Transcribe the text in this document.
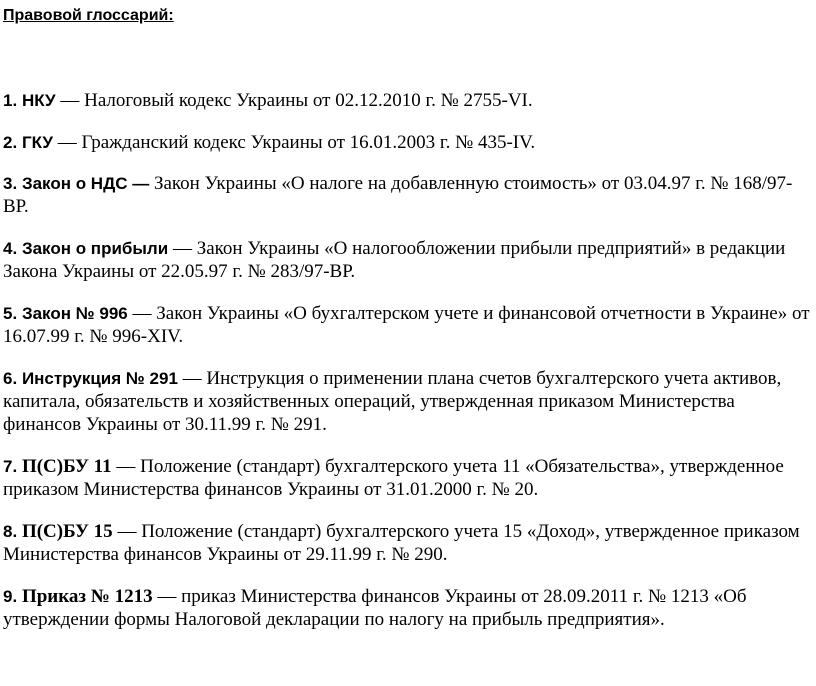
Правовой глоссарий:
1. НКУ — Налоговый кодекс Украины от 02.12.2010 г. № 2755-VI.
2. ГКУ — Гражданский кодекс Украины от 16.01.2003 г. № 435-IV.
3. Закон о НДС — Закон Украины «О налоге на добавленную стоимость» от 03.04.97 г. № 168/97-ВР.
4. Закон о прибыли — Закон Украины «О налогообложении прибыли предприятий» в редакции Закона Украины от 22.05.97 г. № 283/97-ВР.
5. Закон № 996 — Закон Украины «О бухгалтерском учете и финансовой отчетности в Украине» от 16.07.99 г. № 996-XIV.
6. Инструкция № 291 — Инструкция о применении плана счетов бухгалтерского учета активов, капитала, обязательств и хозяйственных операций, утвержденная приказом Министерства финансов Украины от 30.11.99 г. № 291.
7. П(С)БУ 11 — Положение (стандарт) бухгалтерского учета 11 «Обязательства», утвержденное приказом Министерства финансов Украины от 31.01.2000 г. № 20.
8. П(С)БУ 15 — Положение (стандарт) бухгалтерского учета 15 «Доход», утвержденное приказом Министерства финансов Украины от 29.11.99 г. № 290.
9. Приказ № 1213 — приказ Министерства финансов Украины от 28.09.2011 г. № 1213 «Об утверждении формы Налоговой декларации по налогу на прибыль предприятия».
